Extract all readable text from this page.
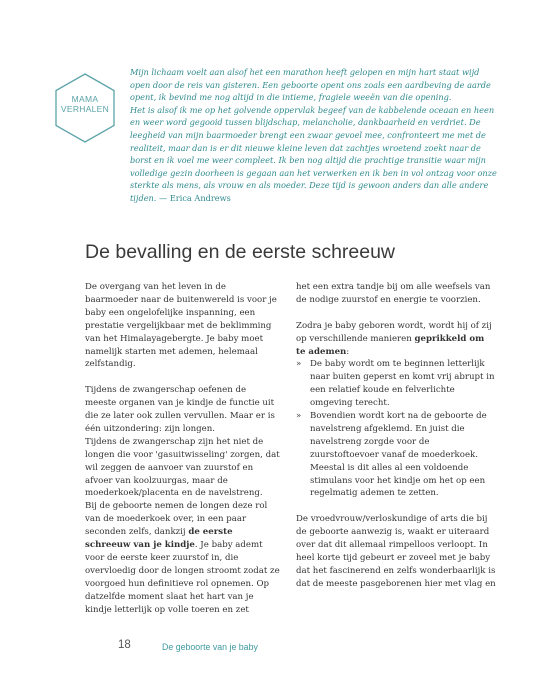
MAMA
VERHALEN

Mijn lichaam voelt aan alsof het een marathon heeft gelopen en mijn hart staat wijd open door de reis van gisteren. Een geboorte opent ons zoals een aardbeving de aarde opent, ik bevind me nog altijd in die intieme, fragiele weeën van die opening.

Het is alsof ik me op het golvende oppervlak begeef van de kabbelende oceaan en heen en weer word gegooid tussen blijdschap, melancholie, dankbaarheid en verdriet. De leegheid van mijn baarmoeder brengt een zwaar gevoel mee, confronteert me met de realiteit, maar dan is er dit nieuwe kleine leven dat zachtjes wroetend zoekt naar de borst en ik voel me weer compleet. Ik ben nog altijd die prachtige transitie waar mijn volledige gezin doorheen is gegaan aan het verwerken en ik ben in vol ontzag voor onze sterkte als mens, als vrouw en als moeder. Deze tijd is gewoon anders dan alle andere tijden. — Erica Andrews

De bevalling en de eerste schreeuw

De overgang van het leven in de baarmoeder naar de buitenwereld is voor je baby een ongelofelijke inspanning, een prestatie vergelijkbaar met de beklimming van het Himalayagebergte. Je baby moet namelijk starten met ademen, helemaal zelfstandig.

Tijdens de zwangerschap oefenen de meeste organen van je kindje de functie uit die ze later ook zullen vervullen. Maar er is één uitzondering: zijn longen.

Tijdens de zwangerschap zijn het niet de longen die voor 'gasuitwisseling' zorgen, dat wil zeggen de aanvoer van zuurstof en afvoer van koolzuurgas, maar de moederkoek/placenta en de navelstreng.

Bij de geboorte nemen de longen deze rol van de moederkoek over, in een paar seconden zelfs, dankzij de eerste schreeuw van je kindje. Je baby ademt voor de eerste keer zuurstof in, die overvloedig door de longen stroomt zodat ze voorgoed hun definitieve rol opnemen. Op datzelfde moment slaat het hart van je kindje letterlijk op volle toeren en zet

het een extra tandje bij om alle weefsels van de nodige zuurstof en energie te voorzien.

Zodra je baby geboren wordt, wordt hij of zij op verschillende manieren geprikkeld om te ademen:

»	De baby wordt om te beginnen letterlijk naar buiten geperst en komt vrij abrupt in een relatief koude en felverlichte omgeving terecht.
»	Bovendien wordt kort na de geboorte de navelstreng afgeklemd. En juist die navelstreng zorgde voor de zuurstoftoevoer vanaf de moederkoek.

Meestal is dit alles al een voldoende stimulans voor het kindje om het op een regelmatig ademen te zetten.

De vroedvrouw/verloskundige of arts die bij de geboorte aanwezig is, waakt er uiteraard over dat dit allemaal rimpelloos verloopt. In heel korte tijd gebeurt er zoveel met je baby dat het fascinerend en zelfs wonderbaarlijk is dat de meeste pasgeborenen hier met vlag en

18	De geboorte van je baby
